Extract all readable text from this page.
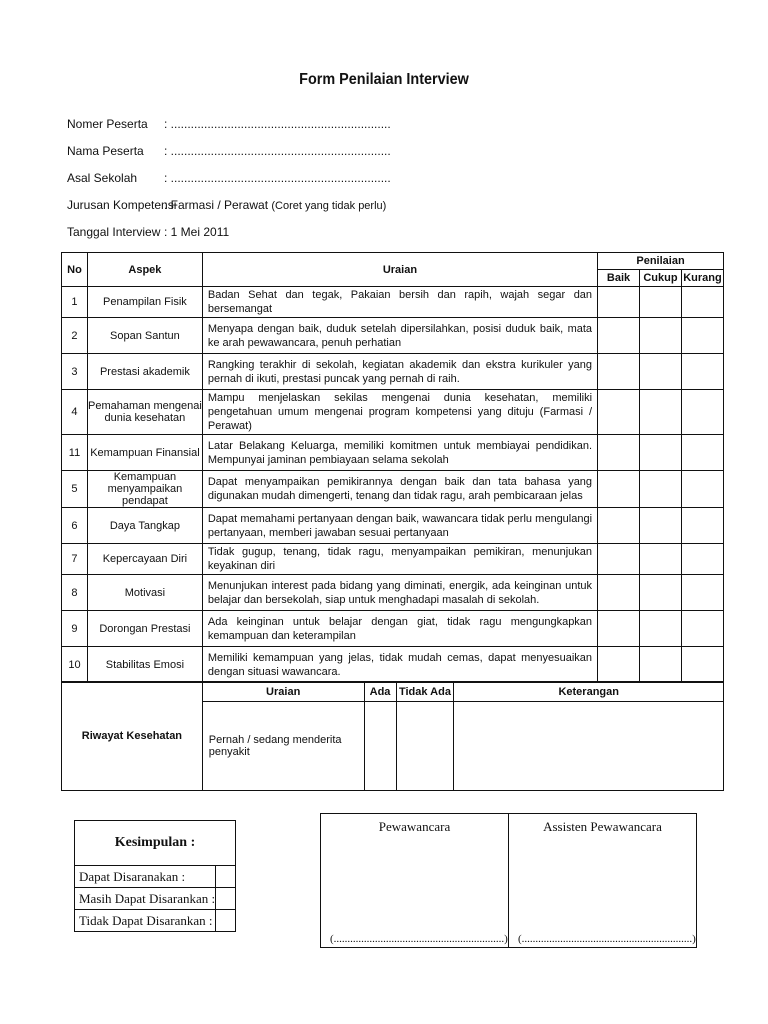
Form Penilaian Interview
Nomer Peserta : ..................................................................
Nama Peserta : ..................................................................
Asal Sekolah : ..................................................................
Jurusan Kompetensi
: Farmasi / Perawat (Coret yang tidak perlu)
Tanggal Interview : 1 Mei 2011
No	Aspek	Uraian	Penilaian		
			Baik	Cukup	Kurang
1	Penampilan Fisik	Badan Sehat dan tegak, Pakaian bersih dan rapih, wajah segar dan bersemangat			
2	Sopan Santun	Menyapa dengan baik, duduk setelah dipersilahkan, posisi duduk baik, mata ke arah pewawancara, penuh perhatian			
3	Prestasi akademik	Rangking terakhir di sekolah, kegiatan akademik dan ekstra kurikuler yang pernah di ikuti, prestasi puncak yang pernah di raih.			
4	Pemahaman mengenai dunia kesehatan	Mampu menjelaskan sekilas mengenai dunia kesehatan, memiliki pengetahuan umum mengenai program kompetensi yang dituju (Farmasi / Perawat)			
11	Kemampuan Finansial	Latar Belakang Keluarga, memiliki komitmen untuk membiayai pendidikan. Mempunyai jaminan pembiayaan selama sekolah			
5	Kemampuan menyampaikan pendapat	Dapat menyampaikan pemikirannya dengan baik dan tata bahasa yang digunakan mudah dimengerti, tenang dan tidak ragu, arah pembicaraan jelas			
6	Daya Tangkap	Dapat memahami pertanyaan dengan baik, wawancara tidak perlu mengulangi pertanyaan, memberi jawaban sesuai pertanyaan			
7	Kepercayaan Diri	Tidak gugup, tenang, tidak ragu, menyampaikan pemikiran, menunjukan keyakinan diri			
8	Motivasi	Menunjukan interest pada bidang yang diminati, energik, ada keinginan untuk belajar dan bersekolah, siap untuk menghadapi masalah di sekolah.			
9	Dorongan Prestasi	Ada keinginan untuk belajar dengan giat, tidak ragu mengungkapkan kemampuan dan keterampilan			
10	Stabilitas Emosi	Memiliki kemampuan yang jelas, tidak mudah cemas, dapat menyesuaikan dengan situasi wawancara.			
Riwayat Kesehatan	Uraian	Ada	Tidak Ada	Keterangan
	Pernah / sedang menderita penyakit			
Kesimpulan :	
Dapat Disaranakan :	
Masih Dapat Disarankan :	
Tidak Dapat Disarankan :	
Pewawancara
(..............................................................)

Assisten Pewawancara
(..............................................................)
